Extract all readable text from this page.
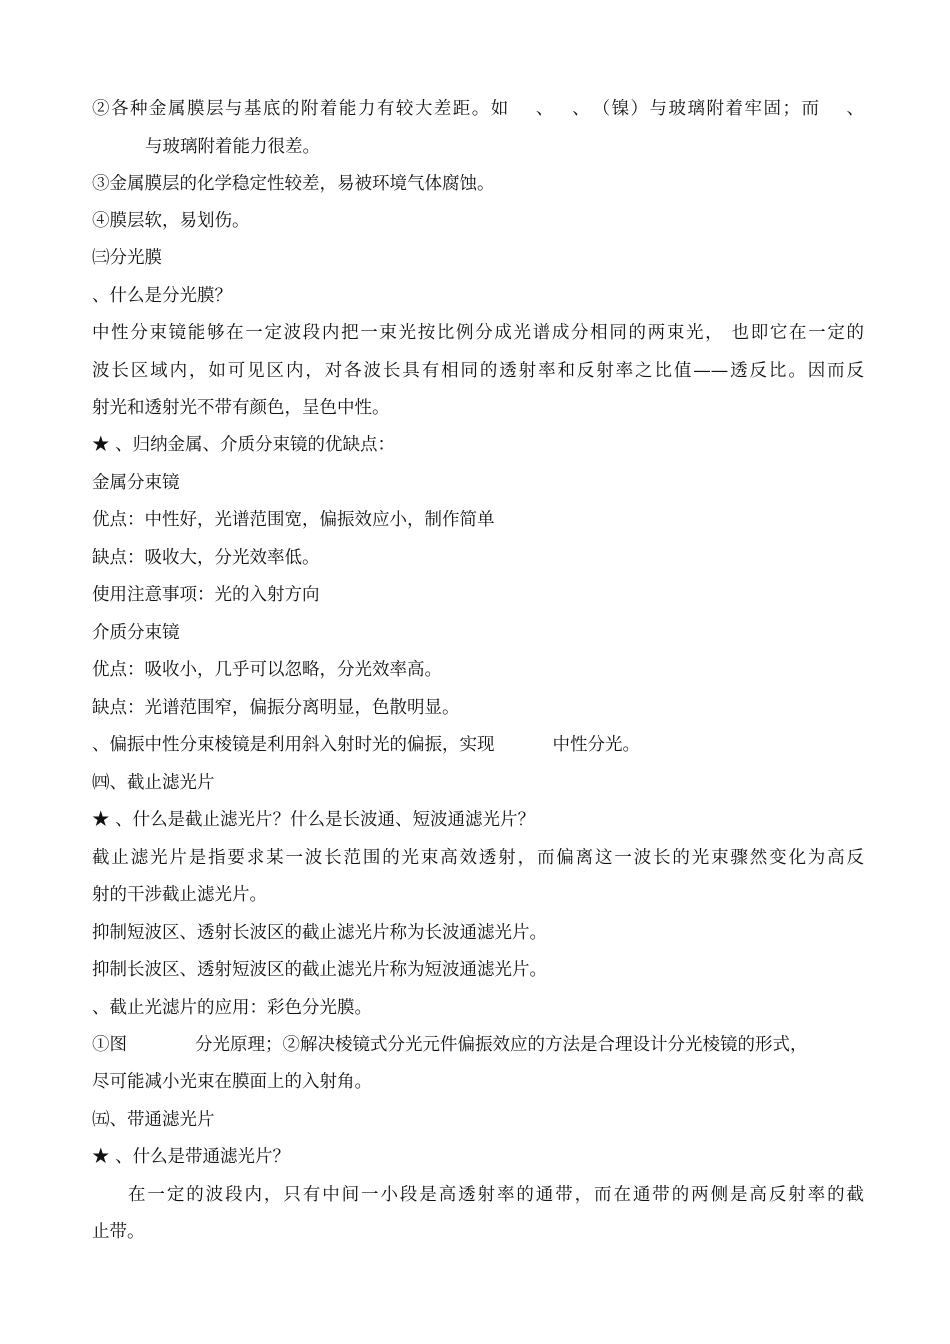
②各种金属膜层与基底的附着能力有较大差距。如　 、　 、　（镍）与玻璃附着牢固；而　 、
与玻璃附着能力很差。
③金属膜层的化学稳定性较差，易被环境气体腐蚀。
④膜层软，易划伤。
㈢分光膜
、什么是分光膜？
中性分束镜能够在一定波段内把一束光按比例分成光谱成分相同的两束光， 也即它在一定的
波长区域内，如可见区内，对各波长具有相同的透射率和反射率之比值——透反比。因而反
射光和透射光不带有颜色，呈色中性。
★ 、归纳金属、介质分束镜的优缺点：
金属分束镜
优点：中性好，光谱范围宽，偏振效应小，制作简单
缺点：吸收大，分光效率低。
使用注意事项：光的入射方向
介质分束镜
优点：吸收小，几乎可以忽略，分光效率高。
缺点：光谱范围窄，偏振分离明显，色散明显。
、偏振中性分束棱镜是利用斜入射时光的偏振，实现	中性分光。
㈣、截止滤光片
★ 、什么是截止滤光片？什么是长波通、短波通滤光片？
截止滤光片是指要求某一波长范围的光束高效透射，而偏离这一波长的光束骤然变化为高反
射的干涉截止滤光片。
抑制短波区、透射长波区的截止滤光片称为长波通滤光片。
抑制长波区、透射短波区的截止滤光片称为短波通滤光片。
、截止光滤片的应用：彩色分光膜。
①图	分光原理；②解决棱镜式分光元件偏振效应的方法是合理设计分光棱镜的形式，
尽可能减小光束在膜面上的入射角。
㈤、带通滤光片
★ 、什么是带通滤光片？
在一定的波段内，只有中间一小段是高透射率的通带，而在通带的两侧是高反射率的截
止带。
